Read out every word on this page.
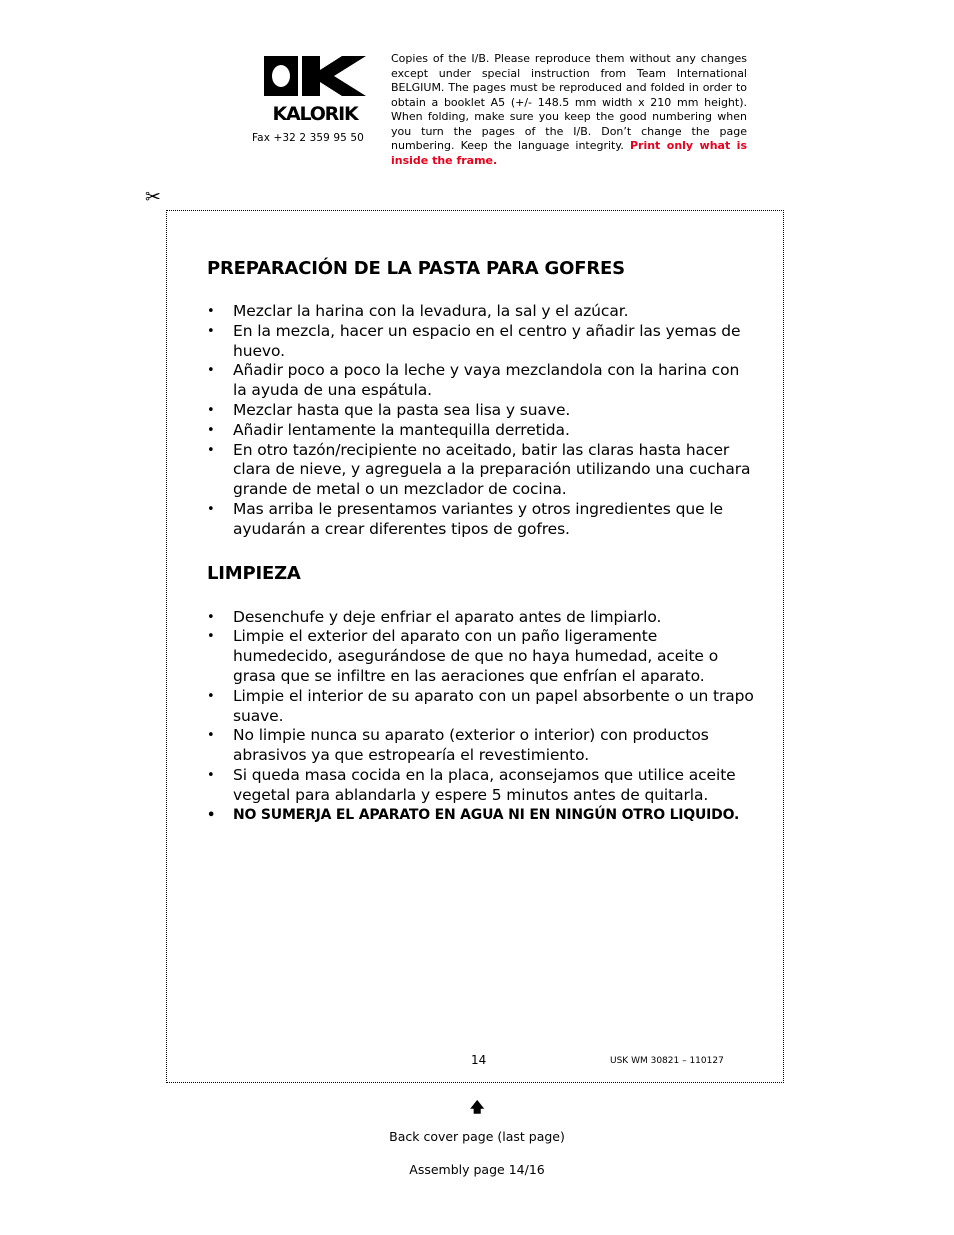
KALORIK
Fax +32 2 359 95 50
Copies of the I/B. Please reproduce them without any changes except under special instruction from Team International BELGIUM. The pages must be reproduced and folded in order to obtain a booklet A5 (+/- 148.5 mm width x 210 mm height). When folding, make sure you keep the good numbering when you turn the pages of the I/B. Don’t change the page numbering. Keep the language integrity. Print only what is inside the frame.
✂
PREPARACIÓN DE LA PASTA PARA GOFRES
• Mezclar la harina con la levadura, la sal y el azúcar.
• En la mezcla, hacer un espacio en el centro y añadir las yemas de huevo.
• Añadir poco a poco la leche y vaya mezclandola con la harina con la ayuda de una espátula.
• Mezclar hasta que la pasta sea lisa y suave.
• Añadir lentamente la mantequilla derretida.
• En otro tazón/recipiente no aceitado, batir las claras hasta hacer clara de nieve, y agreguela a la preparación utilizando una cuchara grande de metal o un mezclador de cocina.
• Mas arriba le presentamos variantes y otros ingredientes que le ayudarán a crear diferentes tipos de gofres.
LIMPIEZA
• Desenchufe y deje enfriar el aparato antes de limpiarlo.
• Limpie el exterior del aparato con un paño ligeramente humedecido, asegurándose de que no haya humedad, aceite o grasa que se infiltre en las aeraciones que enfrían el aparato.
• Limpie el interior de su aparato con un papel absorbente o un trapo suave.
• No limpie nunca su aparato (exterior o interior) con productos abrasivos ya que estropearía el revestimiento.
• Si queda masa cocida en la placa, aconsejamos que utilice aceite vegetal para ablandarla y espere 5 minutos antes de quitarla.
• NO SUMERJA EL APARATO EN AGUA NI EN NINGÚN OTRO LIQUIDO.
14	USK WM 30821 – 110127
🡅
Back cover page (last page)
Assembly page 14/16
